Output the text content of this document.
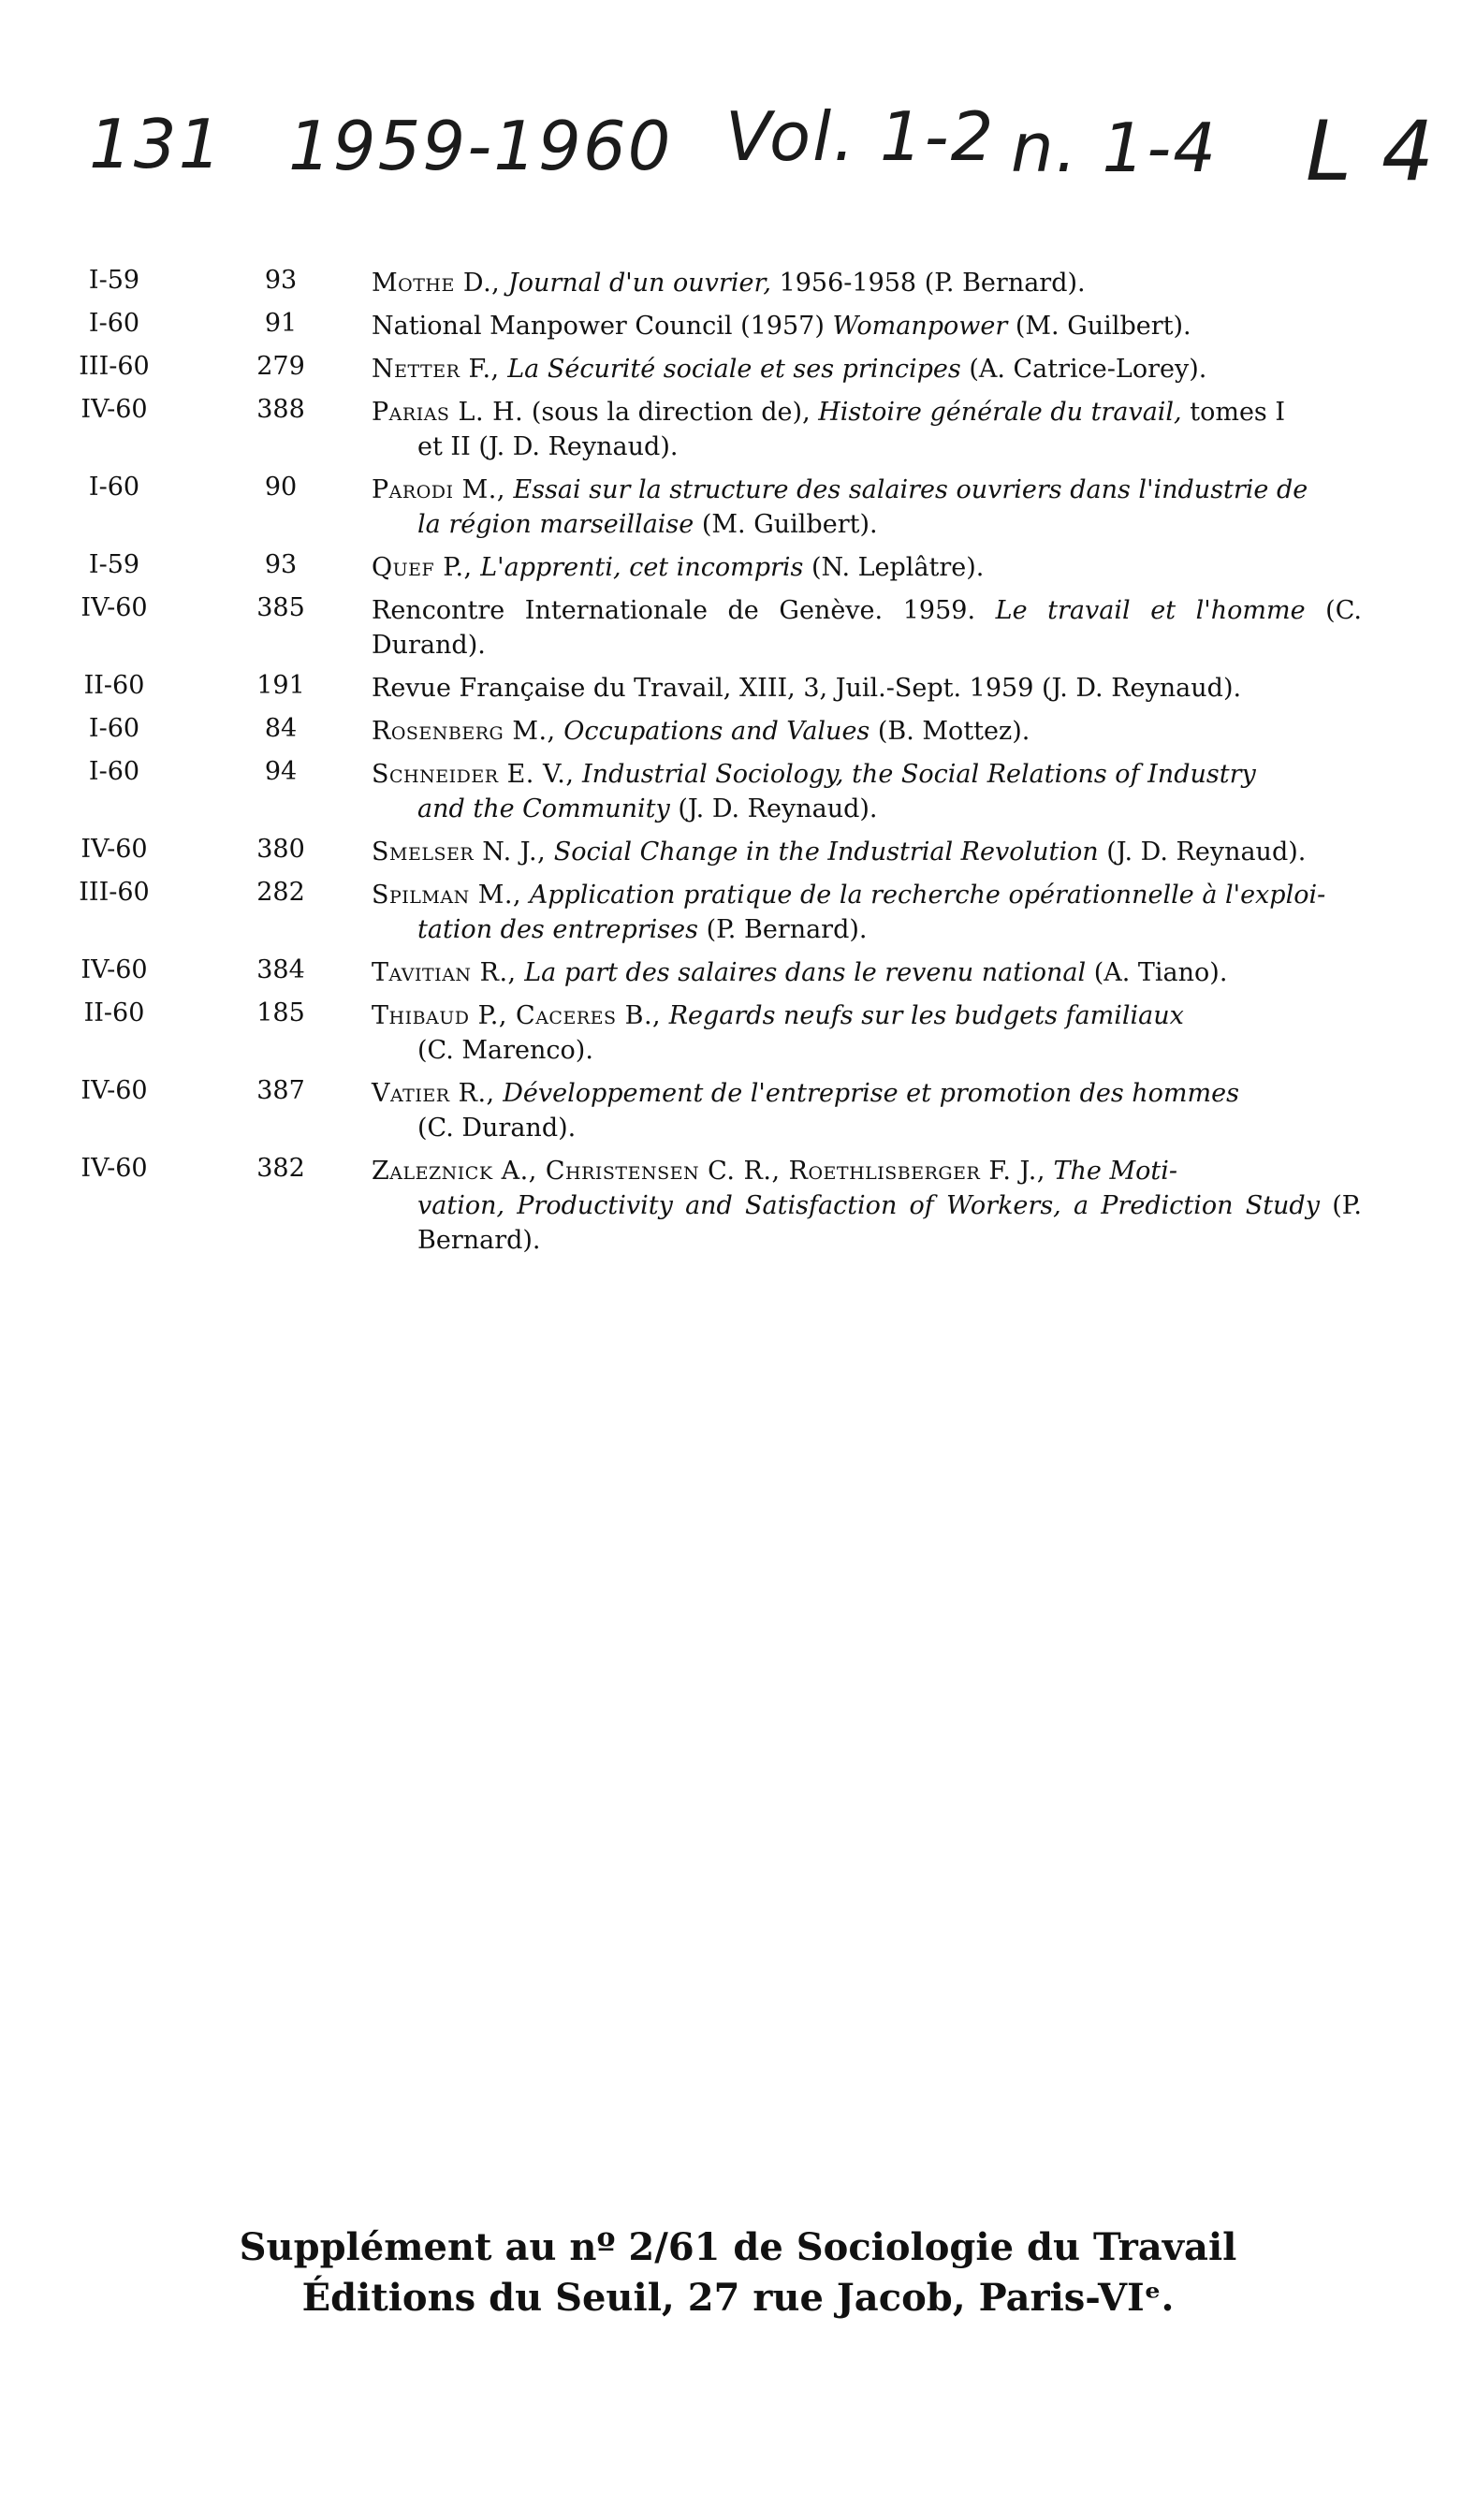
131 1959-1960 Vol. 1-2 n. 1-4 L 4
I-59	93	Mothe D., Journal d'un ouvrier, 1956-1958 (P. Bernard).
I-60	91	National Manpower Council (1957) Womanpower (M. Guilbert).
III-60	279	Netter F., La Sécurité sociale et ses principes (A. Catrice-Lorey).
IV-60	388	Parias L. H. (sous la direction de), Histoire générale du travail, tomes I
et II (J. D. Reynaud).
I-60	90	Parodi M., Essai sur la structure des salaires ouvriers dans l'industrie de
la région marseillaise (M. Guilbert).
I-59	93	Quef P., L'apprenti, cet incompris (N. Leplâtre).
IV-60	385	Rencontre Internationale de Genève. 1959. Le travail et l'homme (C. Durand).
II-60	191	Revue Française du Travail, XIII, 3, Juil.-Sept. 1959 (J. D. Reynaud).
I-60	84	Rosenberg M., Occupations and Values (B. Mottez).
I-60	94	Schneider E. V., Industrial Sociology, the Social Relations of Industry
and the Community (J. D. Reynaud).
IV-60	380	Smelser N. J., Social Change in the Industrial Revolution (J. D. Reynaud).
III-60	282	Spilman M., Application pratique de la recherche opérationnelle à l'exploi-
tation des entreprises (P. Bernard).
IV-60	384	Tavitian R., La part des salaires dans le revenu national (A. Tiano).
II-60	185	Thibaud P., Caceres B., Regards neufs sur les budgets familiaux
(C. Marenco).
IV-60	387	Vatier R., Développement de l'entreprise et promotion des hommes
(C. Durand).
IV-60	382	Zaleznick A., Christensen C. R., Roethlisberger F. J., The Moti-
vation, Productivity and Satisfaction of Workers, a Prediction Study (P. Bernard).
Supplément au nº 2/61 de Sociologie du Travail
Éditions du Seuil, 27 rue Jacob, Paris-VIᵉ.
